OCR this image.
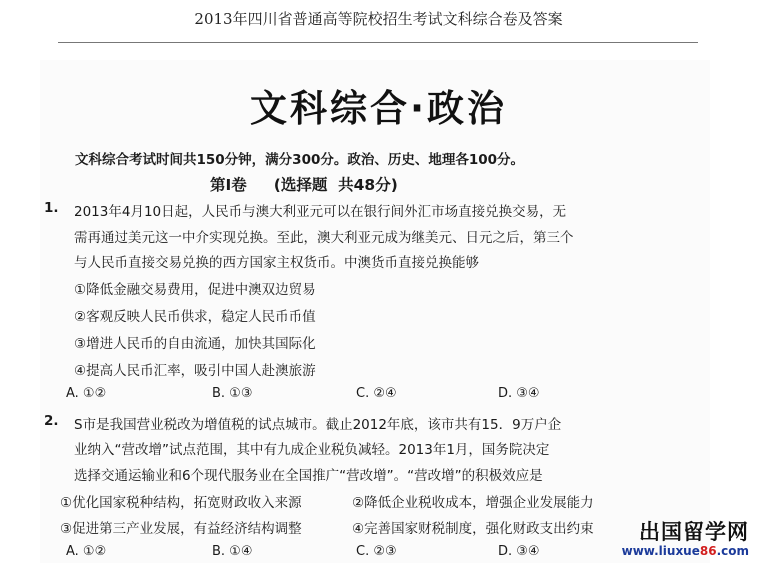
2013年四川省普通高等院校招生考试文科综合卷及答案
文科综合·政治
文科综合考试时间共150分钟，满分300分。政治、历史、地理各100分。
第Ⅰ卷     (选择题  共48分)
1. 2013年4月10日起，人民币与澳大利亚元可以在银行间外汇市场直接兑换交易，无
需再通过美元这一中介实现兑换。至此，澳大利亚元成为继美元、日元之后，第三个
与人民币直接交易兑换的西方国家主权货币。中澳货币直接兑换能够
①降低金融交易费用，促进中澳双边贸易
②客观反映人民币供求，稳定人民币币值
③增进人民币的自由流通，加快其国际化
④提高人民币汇率，吸引中国人赴澳旅游
A. ①②	B. ①③	C. ②④	D. ③④
2. S市是我国营业税改为增值税的试点城市。截止2012年底，该市共有15．9万户企
业纳入“营改增”试点范围，其中有九成企业税负减轻。2013年1月，国务院决定
选择交通运输业和6个现代服务业在全国推广“营改增”。“营改增”的积极效应是
①优化国家税种结构，拓宽财政收入来源	②降低企业税收成本，增强企业发展能力
③促进第三产业发展，有益经济结构调整	④完善国家财税制度，强化财政支出约束
A. ①②	B. ①④	C. ②③	D. ③④
出国留学网
www.liuxue86.com
